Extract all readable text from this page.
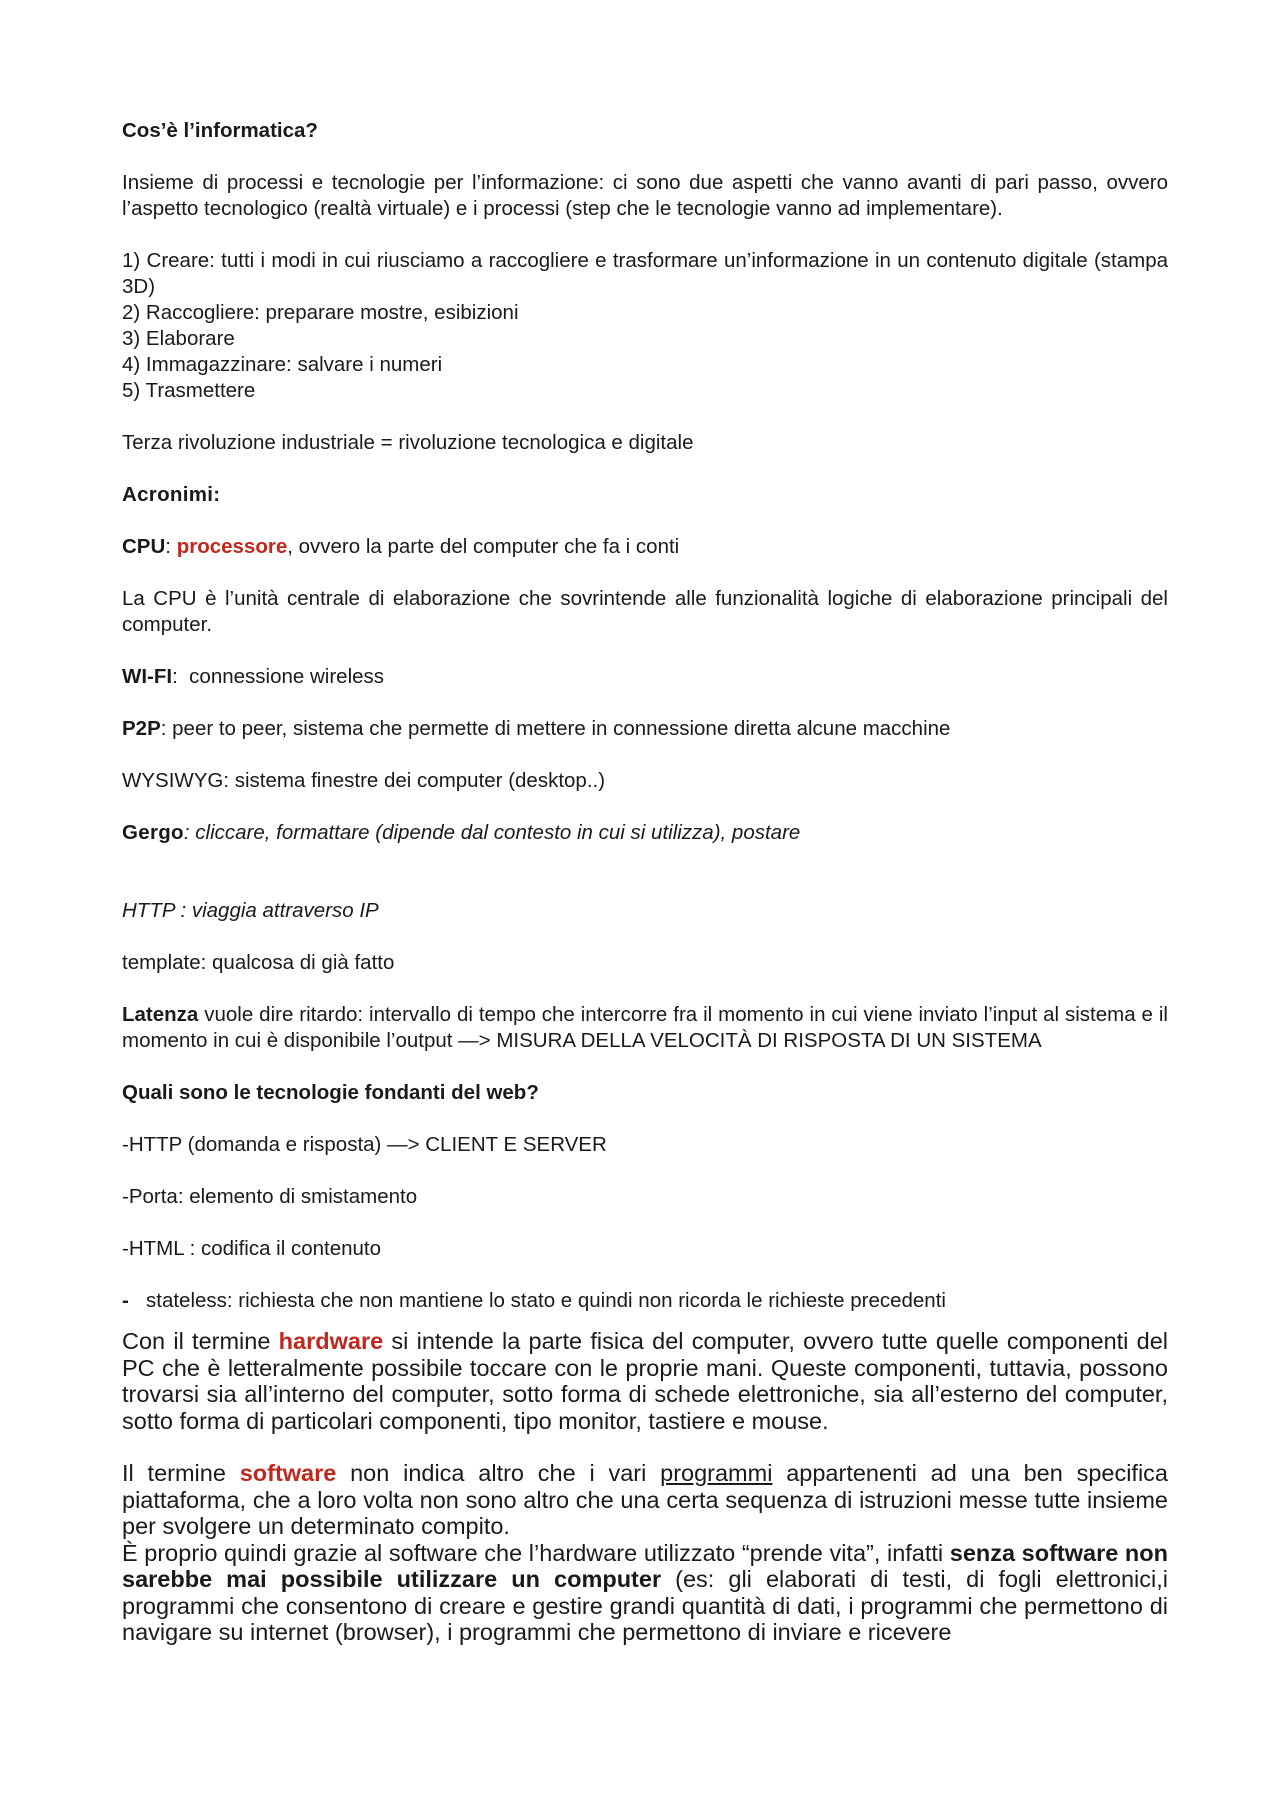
Cos’è l’informatica?

Insieme di processi e tecnologie per l’informazione: ci sono due aspetti che vanno avanti di pari passo, ovvero l’aspetto tecnologico (realtà virtuale) e i processi (step che le tecnologie vanno ad implementare).

1) Creare: tutti i modi in cui riusciamo a raccogliere e trasformare un’informazione in un contenuto digitale (stampa 3D)

2) Raccogliere: preparare mostre, esibizioni

3) Elaborare

4) Immagazzinare: salvare i numeri

5) Trasmettere

Terza rivoluzione industriale = rivoluzione tecnologica e digitale

Acronimi:

CPU: processore, ovvero la parte del computer che fa i conti

La CPU è l’unità centrale di elaborazione che sovrintende alle funzionalità logiche di elaborazione principali del computer.

WI-FI:  connessione wireless

P2P: peer to peer, sistema che permette di mettere in connessione diretta alcune macchine

WYSIWYG: sistema finestre dei computer (desktop..)

Gergo: cliccare, formattare (dipende dal contesto in cui si utilizza), postare

HTTP : viaggia attraverso IP

template: qualcosa di già fatto

Latenza vuole dire ritardo: intervallo di tempo che intercorre fra il momento in cui viene inviato l’input al sistema e il momento in cui è disponibile l’output —> MISURA DELLA VELOCITÀ DI RISPOSTA DI UN SISTEMA

Quali sono le tecnologie fondanti del web?

-HTTP (domanda e risposta) —> CLIENT E SERVER

-Porta: elemento di smistamento

-HTML : codifica il contenuto

- stateless: richiesta che non mantiene lo stato e quindi non ricorda le richieste precedenti

Con il termine hardware si intende la parte fisica del computer, ovvero tutte quelle componenti del PC che è letteralmente possibile toccare con le proprie mani. Queste componenti, tuttavia, possono trovarsi sia all’interno del computer, sotto forma di schede elettroniche, sia all’esterno del computer, sotto forma di particolari componenti, tipo monitor, tastiere e mouse.

Il termine software non indica altro che i vari programmi appartenenti ad una ben specifica piattaforma, che a loro volta non sono altro che una certa sequenza di istruzioni messe tutte insieme per svolgere un determinato compito.

È proprio quindi grazie al software che l’hardware utilizzato “prende vita”, infatti senza software non sarebbe mai possibile utilizzare un computer (es: gli elaborati di testi, di fogli elettronici,i programmi che consentono di creare e gestire grandi quantità di dati, i programmi che permettono di navigare su internet (browser), i programmi che permettono di inviare e ricevere
